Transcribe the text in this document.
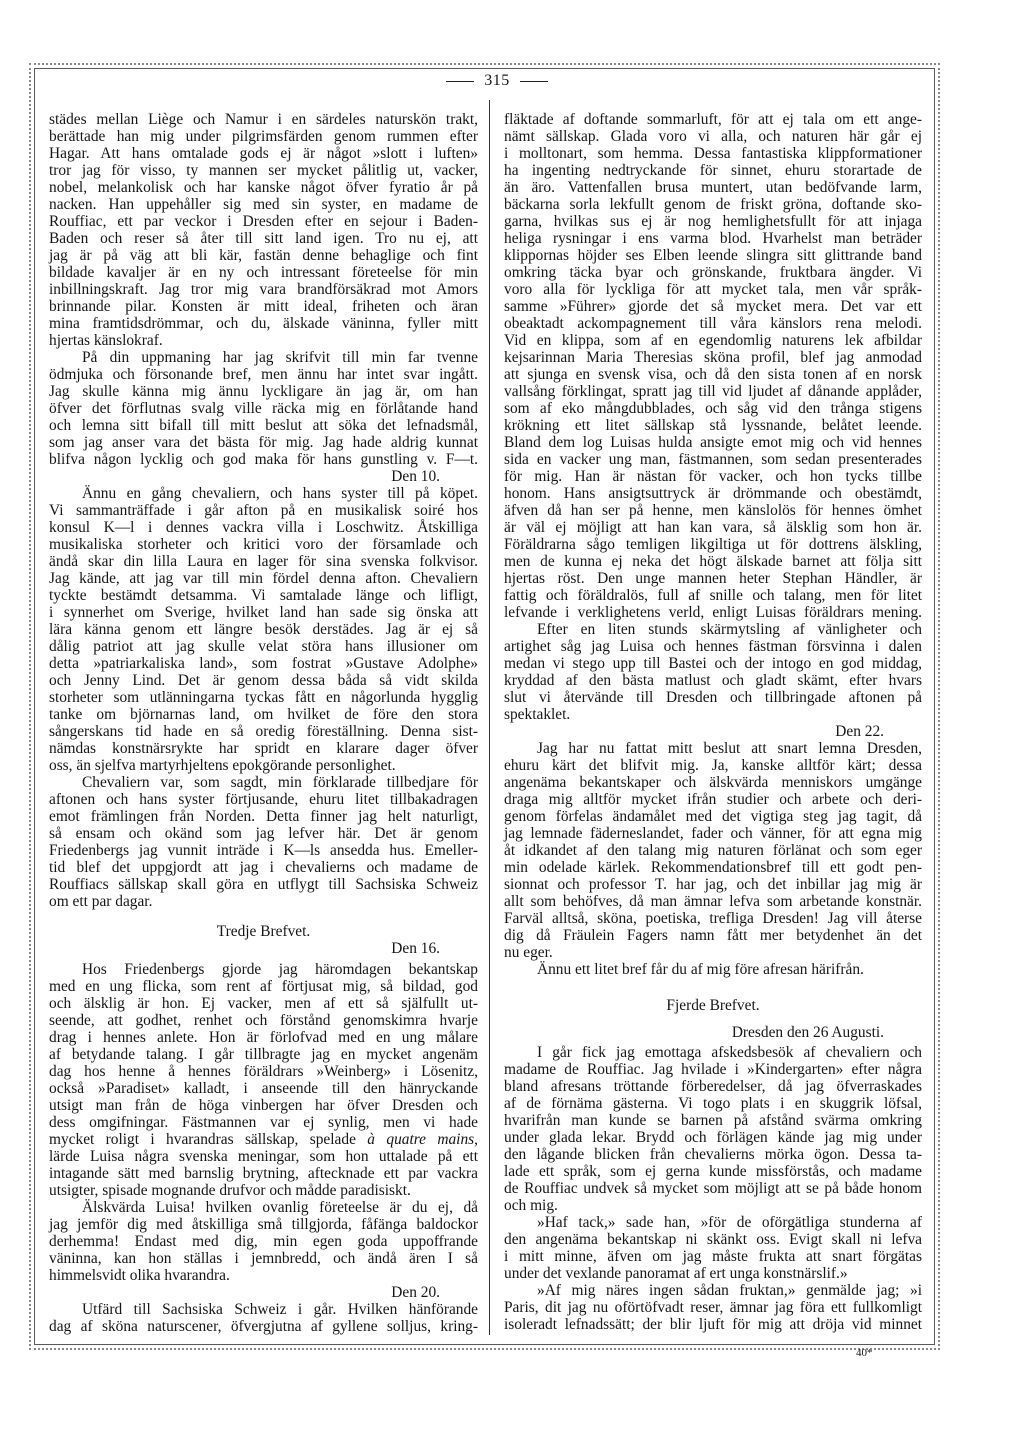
315
städes mellan Liège och Namur i en särdeles naturskön trakt,
berättade han mig under pilgrimsfärden genom rummen efter
Hagar. Att hans omtalade gods ej är något »slott i luften»
tror jag för visso, ty mannen ser mycket pålitlig ut, vacker,
nobel, melankolisk och har kanske något öfver fyratio år på
nacken. Han uppehåller sig med sin syster, en madame de
Rouffiac, ett par veckor i Dresden efter en sejour i Baden-
Baden och reser så åter till sitt land igen. Tro nu ej, att
jag är på väg att bli kär, fastän denne behaglige och fint
bildade kavaljer är en ny och intressant företeelse för min
inbillningskraft. Jag tror mig vara brandförsäkrad mot Amors
brinnande pilar. Konsten är mitt ideal, friheten och äran
mina framtidsdrömmar, och du, älskade väninna, fyller mitt
hjertas känslokraf.
På din uppmaning har jag skrifvit till min far tvenne
ödmjuka och försonande bref, men ännu har intet svar ingått.
Jag skulle känna mig ännu lyckligare än jag är, om han
öfver det förflutnas svalg ville räcka mig en förlåtande hand
och lemna sitt bifall till mitt beslut att söka det lefnadsmål,
som jag anser vara det bästa för mig. Jag hade aldrig kunnat
blifva någon lycklig och god maka för hans gunstling v. F—t.
Den 10.
Ännu en gång chevaliern, och hans syster till på köpet.
Vi sammanträffade i går afton på en musikalisk soiré hos
konsul K—l i dennes vackra villa i Loschwitz. Åtskilliga
musikaliska storheter och kritici voro der församlade och
ändå skar din lilla Laura en lager för sina svenska folkvisor.
Jag kände, att jag var till min fördel denna afton. Chevaliern
tyckte bestämdt detsamma. Vi samtalade länge och lifligt,
i synnerhet om Sverige, hvilket land han sade sig önska att
lära känna genom ett längre besök derstädes. Jag är ej så
dålig patriot att jag skulle velat störa hans illusioner om
detta »patriarkaliska land», som fostrat »Gustave Adolphe»
och Jenny Lind. Det är genom dessa båda så vidt skilda
storheter som utlänningarna tyckas fått en någorlunda hygglig
tanke om björnarnas land, om hvilket de före den stora
sångerskans tid hade en så oredig föreställning. Denna sist-
nämdas konstnärsrykte har spridt en klarare dager öfver
oss, än sjelfva martyrhjeltens epokgörande personlighet.
Chevaliern var, som sagdt, min förklarade tillbedjare för
aftonen och hans syster förtjusande, ehuru litet tillbakadragen
emot främlingen från Norden. Detta finner jag helt naturligt,
så ensam och okänd som jag lefver här. Det är genom
Friedenbergs jag vunnit inträde i K—ls ansedda hus. Emeller-
tid blef det uppgjordt att jag i chevalierns och madame de
Rouffiacs sällskap skall göra en utflygt till Sachsiska Schweiz
om ett par dagar.
Tredje Brefvet.
Den 16.
Hos Friedenbergs gjorde jag häromdagen bekantskap
med en ung flicka, som rent af förtjusat mig, så bildad, god
och älsklig är hon. Ej vacker, men af ett så själfullt ut-
seende, att godhet, renhet och förstånd genomskimra hvarje
drag i hennes anlete. Hon är förlofvad med en ung målare
af betydande talang. I går tillbragte jag en mycket angenäm
dag hos henne å hennes föräldrars »Weinberg» i Lösenitz,
också »Paradiset» kalladt, i anseende till den hänryckande
utsigt man från de höga vinbergen har öfver Dresden och
dess omgifningar. Fästmannen var ej synlig, men vi hade
mycket roligt i hvarandras sällskap, spelade à quatre mains,
lärde Luisa några svenska meningar, som hon uttalade på ett
intagande sätt med barnslig brytning, aftecknade ett par vackra
utsigter, spisade mognande drufvor och mådde paradisiskt.
Älskvärda Luisa! hvilken ovanlig företeelse är du ej, då
jag jemför dig med åtskilliga små tillgjorda, fåfänga baldockor
derhemma! Endast med dig, min egen goda uppoffrande
väninna, kan hon ställas i jemnbredd, och ändå ären I så
himmelsvidt olika hvarandra.
Den 20.
Utfärd till Sachsiska Schweiz i går. Hvilken hänförande
dag af sköna naturscener, öfvergjutna af gyllene solljus, kring-
fläktade af doftande sommarluft, för att ej tala om ett ange-
nämt sällskap. Glada voro vi alla, och naturen här går ej
i molltonart, som hemma. Dessa fantastiska klippformationer
ha ingenting nedtryckande för sinnet, ehuru storartade de
än äro. Vattenfallen brusa muntert, utan bedöfvande larm,
bäckarna sorla lekfullt genom de friskt gröna, doftande sko-
garna, hvilkas sus ej är nog hemlighetsfullt för att injaga
heliga rysningar i ens varma blod. Hvarhelst man beträder
klippornas höjder ses Elben leende slingra sitt glittrande band
omkring täcka byar och grönskande, fruktbara ängder. Vi
voro alla för lyckliga för att mycket tala, men vår språk-
samme »Führer» gjorde det så mycket mera. Det var ett
obeaktadt ackompagnement till våra känslors rena melodi.
Vid en klippa, som af en egendomlig naturens lek afbildar
kejsarinnan Maria Theresias sköna profil, blef jag anmodad
att sjunga en svensk visa, och då den sista tonen af en norsk
vallsång förklingat, spratt jag till vid ljudet af dånande applåder,
som af eko mångdubblades, och såg vid den trånga stigens
krökning ett litet sällskap stå lyssnande, belåtet leende.
Bland dem log Luisas hulda ansigte emot mig och vid hennes
sida en vacker ung man, fästmannen, som sedan presenterades
för mig. Han är nästan för vacker, och hon tycks tillbe
honom. Hans ansigtsuttryck är drömmande och obestämdt,
äfven då han ser på henne, men känslolös för hennes ömhet
är väl ej möjligt att han kan vara, så älsklig som hon är.
Föräldrarna sågo temligen likgiltiga ut för dottrens älskling,
men de kunna ej neka det högt älskade barnet att följa sitt
hjertas röst. Den unge mannen heter Stephan Händler, är
fattig och föräldralös, full af snille och talang, men för litet
lefvande i verklighetens verld, enligt Luisas föräldrars mening.
Efter en liten stunds skärmytsling af vänligheter och
artighet såg jag Luisa och hennes fästman försvinna i dalen
medan vi stego upp till Bastei och der intogo en god middag,
kryddad af den bästa matlust och gladt skämt, efter hvars
slut vi återvände till Dresden och tillbringade aftonen på
spektaklet.
Den 22.
Jag har nu fattat mitt beslut att snart lemna Dresden,
ehuru kärt det blifvit mig. Ja, kanske alltför kärt; dessa
angenäma bekantskaper och älskvärda menniskors umgänge
draga mig alltför mycket ifrån studier och arbete och deri-
genom förfelas ändamålet med det vigtiga steg jag tagit, då
jag lemnade fäderneslandet, fader och vänner, för att egna mig
åt idkandet af den talang mig naturen förlänat och som eger
min odelade kärlek. Rekommendationsbref till ett godt pen-
sionnat och professor T. har jag, och det inbillar jag mig är
allt som behöfves, då man ämnar lefva som arbetande konstnär.
Farväl alltså, sköna, poetiska, trefliga Dresden! Jag vill återse
dig då Fräulein Fagers namn fått mer betydenhet än det
nu eger.
Ännu ett litet bref får du af mig före afresan härifrån.
Fjerde Brefvet.
Dresden den 26 Augusti.
I går fick jag emottaga afskedsbesök af chevaliern och
madame de Rouffiac. Jag hvilade i »Kindergarten» efter några
bland afresans tröttande förberedelser, då jag öfverraskades
af de förnäma gästerna. Vi togo plats i en skuggrik löfsal,
hvarifrån man kunde se barnen på afstånd svärma omkring
under glada lekar. Brydd och förlägen kände jag mig under
den lågande blicken från chevalierns mörka ögon. Dessa ta-
lade ett språk, som ej gerna kunde missförstås, och madame
de Rouffiac undvek så mycket som möjligt att se på både honom
och mig.
»Haf tack,» sade han, »för de oförgätliga stunderna af
den angenäma bekantskap ni skänkt oss. Evigt skall ni lefva
i mitt minne, äfven om jag måste frukta att snart förgätas
under det vexlande panoramat af ert unga konstnärslif.»
»Af mig näres ingen sådan fruktan,» genmälde jag; »i
Paris, dit jag nu oförtöfvadt reser, ämnar jag föra ett fullkomligt
isoleradt lefnadssätt; der blir ljuft för mig att dröja vid minnet
40*
